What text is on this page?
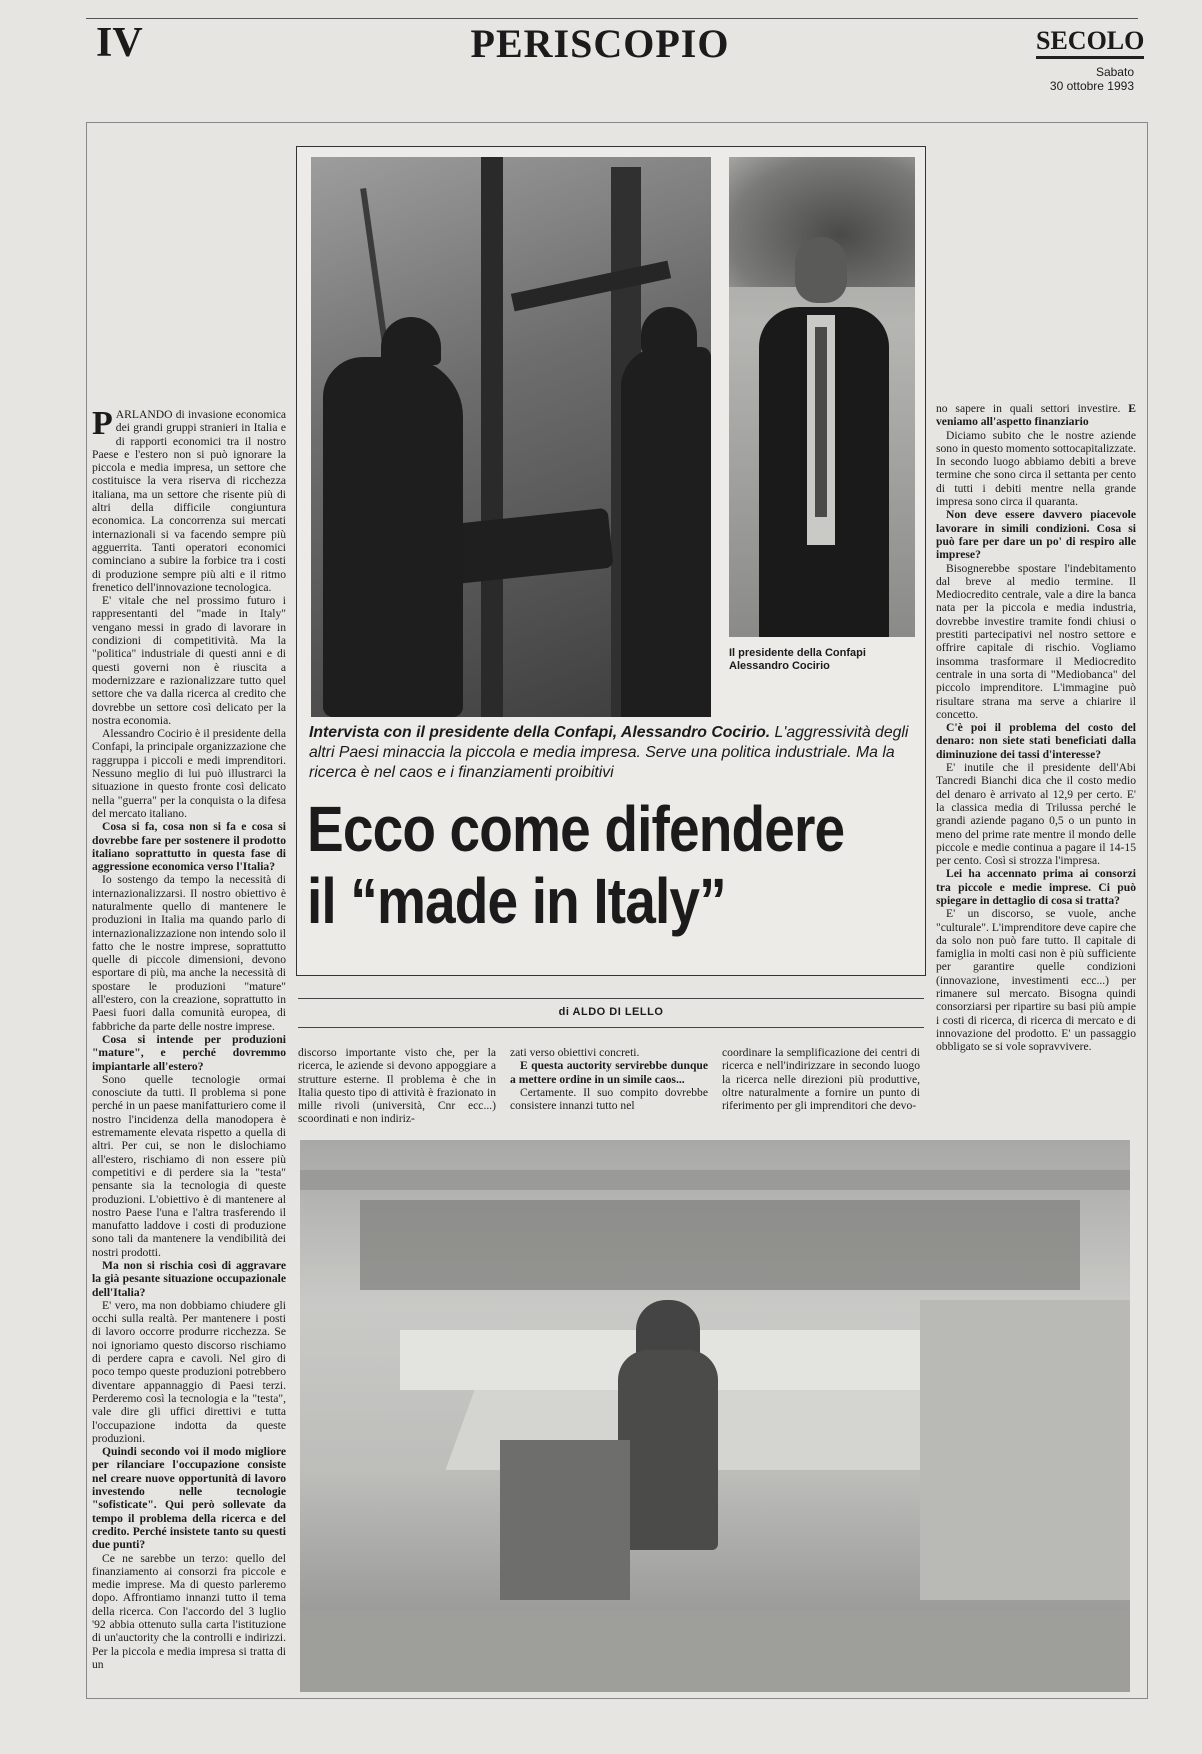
IV	PERISCOPIO	SECOLO
Sabato
30 ottobre 1993

PARLANDO di invasione economica dei grandi gruppi stranieri in Italia e di rapporti economici tra il nostro Paese e l'estero non si può ignorare la piccola e media impresa, un settore che costituisce la vera riserva di ricchezza italiana, ma un settore che risente più di altri della difficile congiuntura economica. La concorrenza sui mercati internazionali si va facendo sempre più agguerrita. Tanti operatori economici cominciano a subire la forbice tra i costi di produzione sempre più alti e il ritmo frenetico dell'innovazione tecnologica.

E' vitale che nel prossimo futuro i rappresentanti del "made in Italy" vengano messi in grado di lavorare in condizioni di competitività. Ma la "politica" industriale di questi anni e di questi governi non è riuscita a modernizzare e razionalizzare tutto quel settore che va dalla ricerca al credito che dovrebbe un settore così delicato per la nostra economia.

Alessandro Cocirio è il presidente della Confapi, la principale organizzazione che raggruppa i piccoli e medi imprenditori. Nessuno meglio di lui può illustrarci la situazione in questo fronte così delicato nella "guerra" per la conquista o la difesa del mercato italiano.

Cosa si fa, cosa non si fa e cosa si dovrebbe fare per sostenere il prodotto italiano soprattutto in questa fase di aggressione economica verso l'Italia?

Io sostengo da tempo la necessità di internazionalizzarsi. Il nostro obiettivo è naturalmente quello di mantenere le produzioni in Italia ma quando parlo di internazionalizzazione non intendo solo il fatto che le nostre imprese, soprattutto quelle di piccole dimensioni, devono esportare di più, ma anche la necessità di spostare le produzioni "mature" all'estero, con la creazione, soprattutto in Paesi fuori dalla comunità europea, di fabbriche da parte delle nostre imprese.

Cosa si intende per produzioni "mature", e perché dovremmo impiantarle all'estero?

Sono quelle tecnologie ormai conosciute da tutti. Il problema si pone perché in un paese manifatturiero come il nostro l'incidenza della manodopera è estremamente elevata rispetto a quella di altri. Per cui, se non le dislochiamo all'estero, rischiamo di non essere più competitivi e di perdere sia la "testa" pensante sia la tecnologia di queste produzioni. L'obiettivo è di mantenere al nostro Paese l'una e l'altra trasferendo il manufatto laddove i costi di produzione sono tali da mantenere la vendibilità dei nostri prodotti.

Ma non si rischia così di aggravare la già pesante situazione occupazionale dell'Italia?

E' vero, ma non dobbiamo chiudere gli occhi sulla realtà. Per mantenere i posti di lavoro occorre produrre ricchezza. Se noi ignoriamo questo discorso rischiamo di perdere capra e cavoli. Nel giro di poco tempo queste produzioni potrebbero diventare appannaggio di Paesi terzi. Perderemo così la tecnologia e la "testa", vale dire gli uffici direttivi e tutta l'occupazione indotta da queste produzioni.

Quindi secondo voi il modo migliore per rilanciare l'occupazione consiste nel creare nuove opportunità di lavoro investendo nelle tecnologie "sofisticate". Qui però sollevate da tempo il problema della ricerca e del credito. Perché insistete tanto su questi due punti?

Ce ne sarebbe un terzo: quello del finanziamento ai consorzi fra piccole e medie imprese. Ma di questo parleremo dopo. Affrontiamo innanzi tutto il tema della ricerca. Con l'accordo del 3 luglio '92 abbia ottenuto sulla carta l'istituzione di un'auctority che la controlli e indirizzi. Per la piccola e media impresa si tratta di un

Il presidente della Confapi
Alessandro Cocirio
Intervista con il presidente della Confapi, Alessandro Cocirio. L'aggressività degli altri Paesi minaccia la piccola e media impresa. Serve una politica industriale. Ma la ricerca è nel caos e i finanziamenti proibitivi
Ecco come difendere
il “made in Italy”
di ALDO DI LELLO

discorso importante visto che, per la ricerca, le aziende si devono appoggiare a strutture esterne. Il problema è che in Italia questo tipo di attività è frazionato in mille rivoli (università, Cnr ecc...) scoordinati e non indiriz-

zati verso obiettivi concreti.

E questa auctority servirebbe dunque a mettere ordine in un simile caos...

Certamente. Il suo compito dovrebbe consistere innanzi tutto nel

coordinare la semplificazione dei centri di ricerca e nell'indirizzare in secondo luogo la ricerca nelle direzioni più produttive, oltre naturalmente a fornire un punto di riferimento per gli imprenditori che devo-

no sapere in quali settori investire. E veniamo all'aspetto finanziario

Diciamo subito che le nostre aziende sono in questo momento sottocapitalizzate. In secondo luogo abbiamo debiti a breve termine che sono circa il settanta per cento di tutti i debiti mentre nella grande impresa sono circa il quaranta.

Non deve essere davvero piacevole lavorare in simili condizioni. Cosa si può fare per dare un po' di respiro alle imprese?

Bisognerebbe spostare l'indebitamento dal breve al medio termine. Il Mediocredito centrale, vale a dire la banca nata per la piccola e media industria, dovrebbe investire tramite fondi chiusi o prestiti partecipativi nel nostro settore e offrire capitale di rischio. Vogliamo insomma trasformare il Mediocredito centrale in una sorta di "Mediobanca" del piccolo imprenditore. L'immagine può risultare strana ma serve a chiarire il concetto.

C'è poi il problema del costo del denaro: non siete stati beneficiati dalla diminuzione dei tassi d'interesse?

E' inutile che il presidente dell'Abi Tancredi Bianchi dica che il costo medio del denaro è arrivato al 12,9 per certo. E' la classica media di Trilussa perché le grandi aziende pagano 0,5 o un punto in meno del prime rate mentre il mondo delle piccole e medie continua a pagare il 14-15 per cento. Così si strozza l'impresa.

Lei ha accennato prima ai consorzi tra piccole e medie imprese. Ci può spiegare in dettaglio di cosa si tratta?

E' un discorso, se vuole, anche "culturale". L'imprenditore deve capire che da solo non può fare tutto. Il capitale di famiglia in molti casi non è più sufficiente per garantire quelle condizioni (innovazione, investimenti ecc...) per rimanere sul mercato. Bisogna quindi consorziarsi per ripartire su basi più ampie i costi di ricerca, di ricerca di mercato e di innovazione del prodotto. E' un passaggio obbligato se si vole sopravvivere.
